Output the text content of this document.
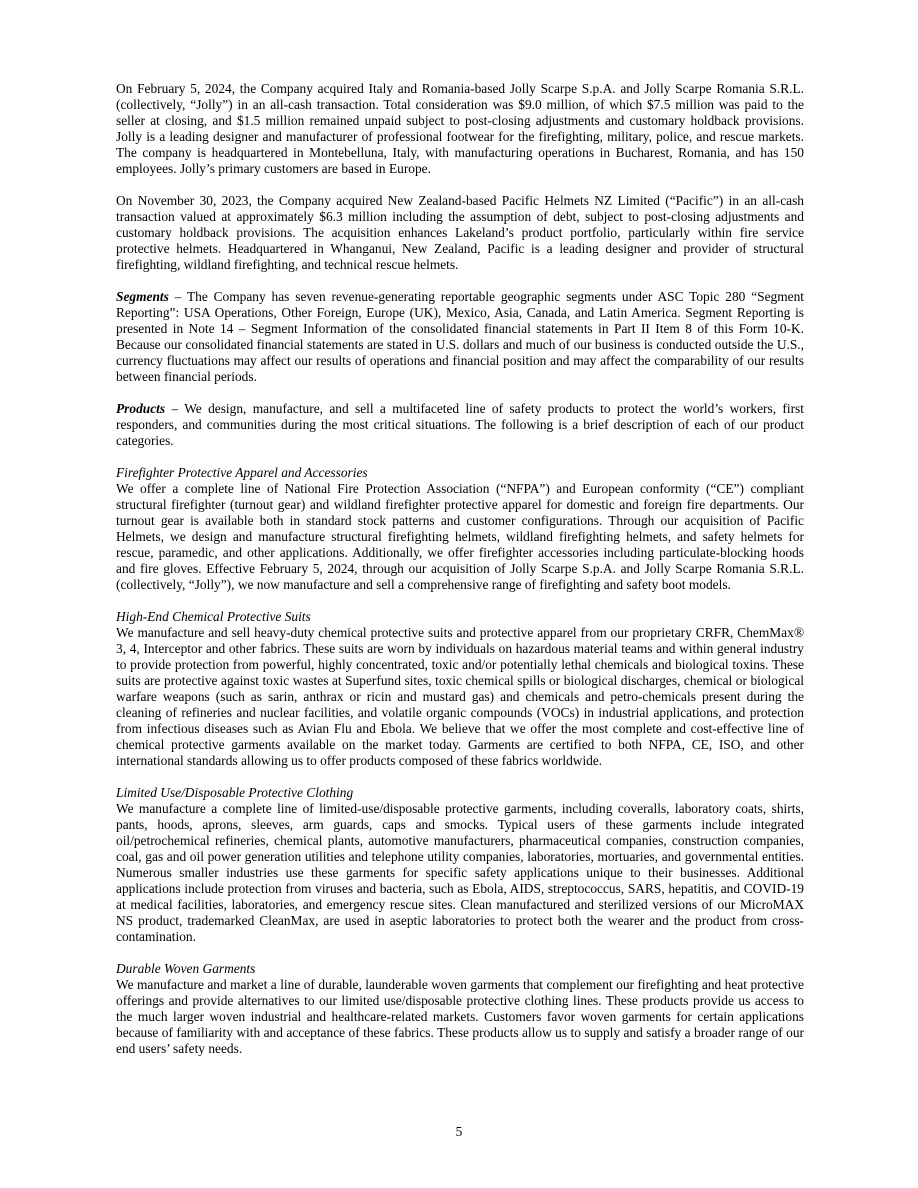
On February 5, 2024, the Company acquired Italy and Romania-based Jolly Scarpe S.p.A. and Jolly Scarpe Romania S.R.L. (collectively, “Jolly”) in an all-cash transaction. Total consideration was $9.0 million, of which $7.5 million was paid to the seller at closing, and $1.5 million remained unpaid subject to post-closing adjustments and customary holdback provisions. Jolly is a leading designer and manufacturer of professional footwear for the firefighting, military, police, and rescue markets. The company is headquartered in Montebelluna, Italy, with manufacturing operations in Bucharest, Romania, and has 150 employees. Jolly’s primary customers are based in Europe.

On November 30, 2023, the Company acquired New Zealand-based Pacific Helmets NZ Limited (“Pacific”) in an all-cash transaction valued at approximately $6.3 million including the assumption of debt, subject to post-closing adjustments and customary holdback provisions. The acquisition enhances Lakeland’s product portfolio, particularly within fire service protective helmets. Headquartered in Whanganui, New Zealand, Pacific is a leading designer and provider of structural firefighting, wildland firefighting, and technical rescue helmets.

Segments – The Company has seven revenue-generating reportable geographic segments under ASC Topic 280 “Segment Reporting”: USA Operations, Other Foreign, Europe (UK), Mexico, Asia, Canada, and Latin America. Segment Reporting is presented in Note 14 – Segment Information of the consolidated financial statements in Part II Item 8 of this Form 10-K. Because our consolidated financial statements are stated in U.S. dollars and much of our business is conducted outside the U.S., currency fluctuations may affect our results of operations and financial position and may affect the comparability of our results between financial periods.

Products – We design, manufacture, and sell a multifaceted line of safety products to protect the world’s workers, first responders, and communities during the most critical situations. The following is a brief description of each of our product categories.

Firefighter Protective Apparel and Accessories
We offer a complete line of National Fire Protection Association (“NFPA”) and European conformity (“CE”) compliant structural firefighter (turnout gear) and wildland firefighter protective apparel for domestic and foreign fire departments. Our turnout gear is available both in standard stock patterns and customer configurations. Through our acquisition of Pacific Helmets, we design and manufacture structural firefighting helmets, wildland firefighting helmets, and safety helmets for rescue, paramedic, and other applications. Additionally, we offer firefighter accessories including particulate-blocking hoods and fire gloves. Effective February 5, 2024, through our acquisition of Jolly Scarpe S.p.A. and Jolly Scarpe Romania S.R.L. (collectively, “Jolly”), we now manufacture and sell a comprehensive range of firefighting and safety boot models.
High-End Chemical Protective Suits
We manufacture and sell heavy-duty chemical protective suits and protective apparel from our proprietary CRFR, ChemMax® 3, 4, Interceptor and other fabrics. These suits are worn by individuals on hazardous material teams and within general industry to provide protection from powerful, highly concentrated, toxic and/or potentially lethal chemicals and biological toxins. These suits are protective against toxic wastes at Superfund sites, toxic chemical spills or biological discharges, chemical or biological warfare weapons (such as sarin, anthrax or ricin and mustard gas) and chemicals and petro-chemicals present during the cleaning of refineries and nuclear facilities, and volatile organic compounds (VOCs) in industrial applications, and protection from infectious diseases such as Avian Flu and Ebola. We believe that we offer the most complete and cost-effective line of chemical protective garments available on the market today. Garments are certified to both NFPA, CE, ISO, and other international standards allowing us to offer products composed of these fabrics worldwide.
Limited Use/Disposable Protective Clothing
We manufacture a complete line of limited-use/disposable protective garments, including coveralls, laboratory coats, shirts, pants, hoods, aprons, sleeves, arm guards, caps and smocks. Typical users of these garments include integrated oil/petrochemical refineries, chemical plants, automotive manufacturers, pharmaceutical companies, construction companies, coal, gas and oil power generation utilities and telephone utility companies, laboratories, mortuaries, and governmental entities. Numerous smaller industries use these garments for specific safety applications unique to their businesses. Additional applications include protection from viruses and bacteria, such as Ebola, AIDS, streptococcus, SARS, hepatitis, and COVID-19 at medical facilities, laboratories, and emergency rescue sites. Clean manufactured and sterilized versions of our MicroMAX NS product, trademarked CleanMax, are used in aseptic laboratories to protect both the wearer and the product from cross-contamination.
Durable Woven Garments
We manufacture and market a line of durable, launderable woven garments that complement our firefighting and heat protective offerings and provide alternatives to our limited use/disposable protective clothing lines. These products provide us access to the much larger woven industrial and healthcare-related markets. Customers favor woven garments for certain applications because of familiarity with and acceptance of these fabrics. These products allow us to supply and satisfy a broader range of our end users’ safety needs.
5
